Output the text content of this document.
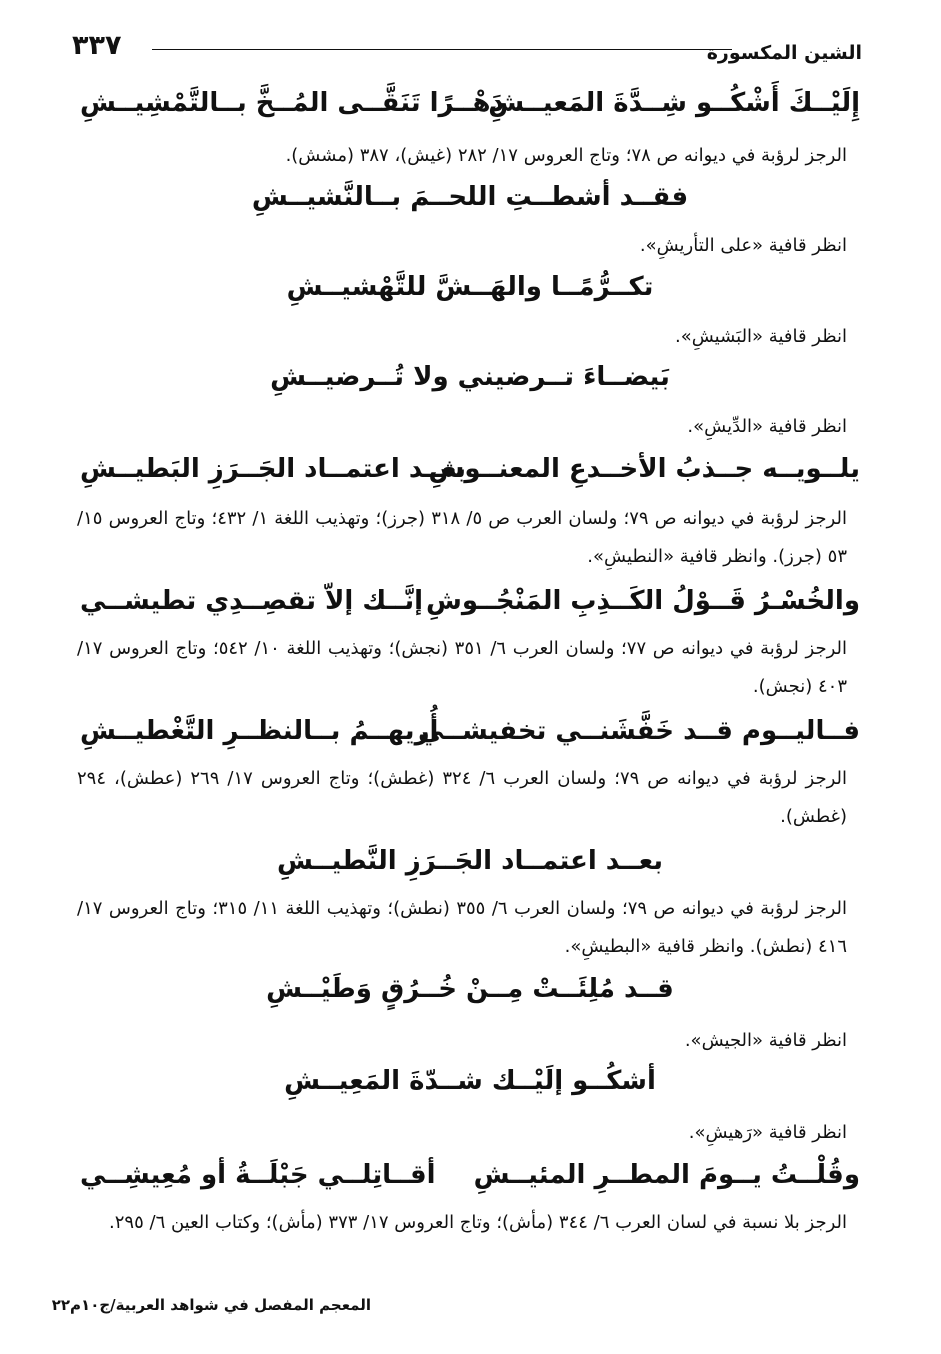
الشين المكسورة
٣٣٧
إِلَيْــكَ أَشْكُــو شِــدَّةَ المَعيــشِ
دَهْــرًا تَنَقَّــى المُــخَّ بــالتَّمْشِيــشِ
الرجز لرؤبة في ديوانه ص ٧٨؛ وتاج العروس ١٧/ ٢٨٢ (غيش)، ٣٨٧ (مشش).
فقــد أشطــتِ اللحــمَ بــالنَّشيــشِ
انظر قافية «على التأريشِ».
تكــرُّمًــا والهَــشَّ للتَّهْشيــشِ
انظر قافية «البَشيشِ».
بَيضــاءَ تــرضيني ولا تُــرضيــشِ
انظر قافية «الدِّيشِ».
يلــويــه جــذبُ الأخــدعِ المعنــوشِ
بعــد اعتمــاد الجَــرَزِ البَطيــشِ
الرجز لرؤبة في ديوانه ص ٧٩؛ ولسان العرب ص ٥/ ٣١٨ (جرز)؛ وتهذيب اللغة ١/ ٤٣٢؛ وتاج العروس ١٥/ ٥٣ (جرز). وانظر قافية «النطيشِ».
والخُسْـرُ قَــوْلُ الكَــذِبِ المَنْجُــوشِ
إنَّــك إلاّ تقصِــدِي تطيشــي
الرجز لرؤبة في ديوانه ص ٧٧؛ ولسان العرب ٦/ ٣٥١ (نجش)؛ وتهذيب اللغة ١٠/ ٥٤٢؛ وتاج العروس ١٧/ ٤٠٣ (نجش).
فــاليــوم قــد خَفَّشَنــي تخفيشــي
أُريهــمُ بــالنظــرِ التَّغْطيــشِ
الرجز لرؤبة في ديوانه ص ٧٩؛ ولسان العرب ٦/ ٣٢٤ (غطش)؛ وتاج العروس ١٧/ ٢٦٩ (عطش)، ٢٩٤ (غطش).
بعــد اعتمــاد الجَــرَزِ النَّطيــشِ
الرجز لرؤبة في ديوانه ص ٧٩؛ ولسان العرب ٦/ ٣٥٥ (نطش)؛ وتهذيب اللغة ١١/ ٣١٥؛ وتاج العروس ١٧/ ٤١٦ (نطش). وانظر قافية «البطيشِ».
قــد مُلِئَــتْ مِــنْ خُــرُقٍ وَطَيْــشِ
انظر قافية «الجيش».
أشكُــو إلَيْــك شــدّةَ المَعِيــشِ
انظر قافية «رَهيشِ».
وقُلْــتُ يــومَ المطــرِ المئيــشِ
أقــاتِلــي جَبْلَــةُ أو مُعِيشِــي
الرجز بلا نسبة في لسان العرب ٦/ ٣٤٤ (مأش)؛ وتاج العروس ١٧/ ٣٧٣ (مأش)؛ وكتاب العين ٦/ ٢٩٥.
المعجم المفصل في شواهد العربية/ج١٠م٢٢
